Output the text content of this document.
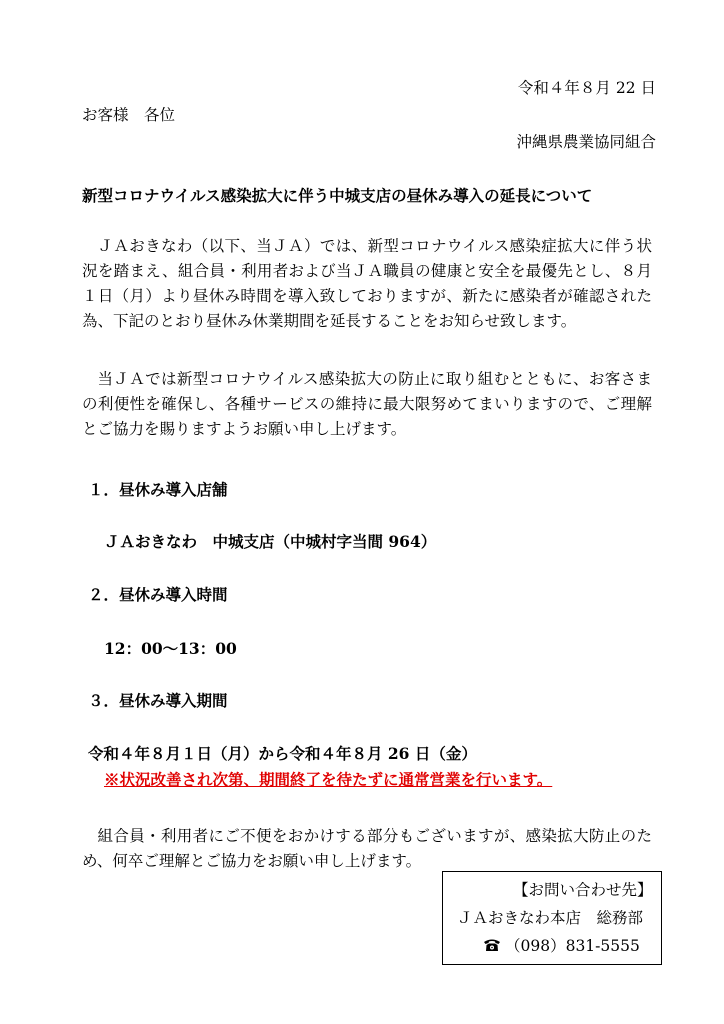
令和４年８月 22 日
お客様　各位
沖縄県農業協同組合
新型コロナウイルス感染拡大に伴う中城支店の昼休み導入の延長について
ＪＡおきなわ（以下、当ＪＡ）では、新型コロナウイルス感染症拡大に伴う状況を踏まえ、組合員・利用者および当ＪＡ職員の健康と安全を最優先とし、８月１日（月）より昼休み時間を導入致しておりますが、新たに感染者が確認された為、下記のとおり昼休み休業期間を延長することをお知らせ致します。
当ＪＡでは新型コロナウイルス感染拡大の防止に取り組むとともに、お客さまの利便性を確保し、各種サービスの維持に最大限努めてまいりますので、ご理解とご協力を賜りますようお願い申し上げます。
１．昼休み導入店舗
ＪＡおきなわ　中城支店（中城村字当間 964）
２．昼休み導入時間
12：00～13：00
３．昼休み導入期間
令和４年８月１日（月）から令和４年８月 26 日（金）
※状況改善され次第、期間終了を待たずに通常営業を行います。
組合員・利用者にご不便をおかけする部分もございますが、感染拡大防止のため、何卒ご理解とご協力をお願い申し上げます。
【お問い合わせ先】
ＪＡおきなわ本店　総務部
（098）831-5555
